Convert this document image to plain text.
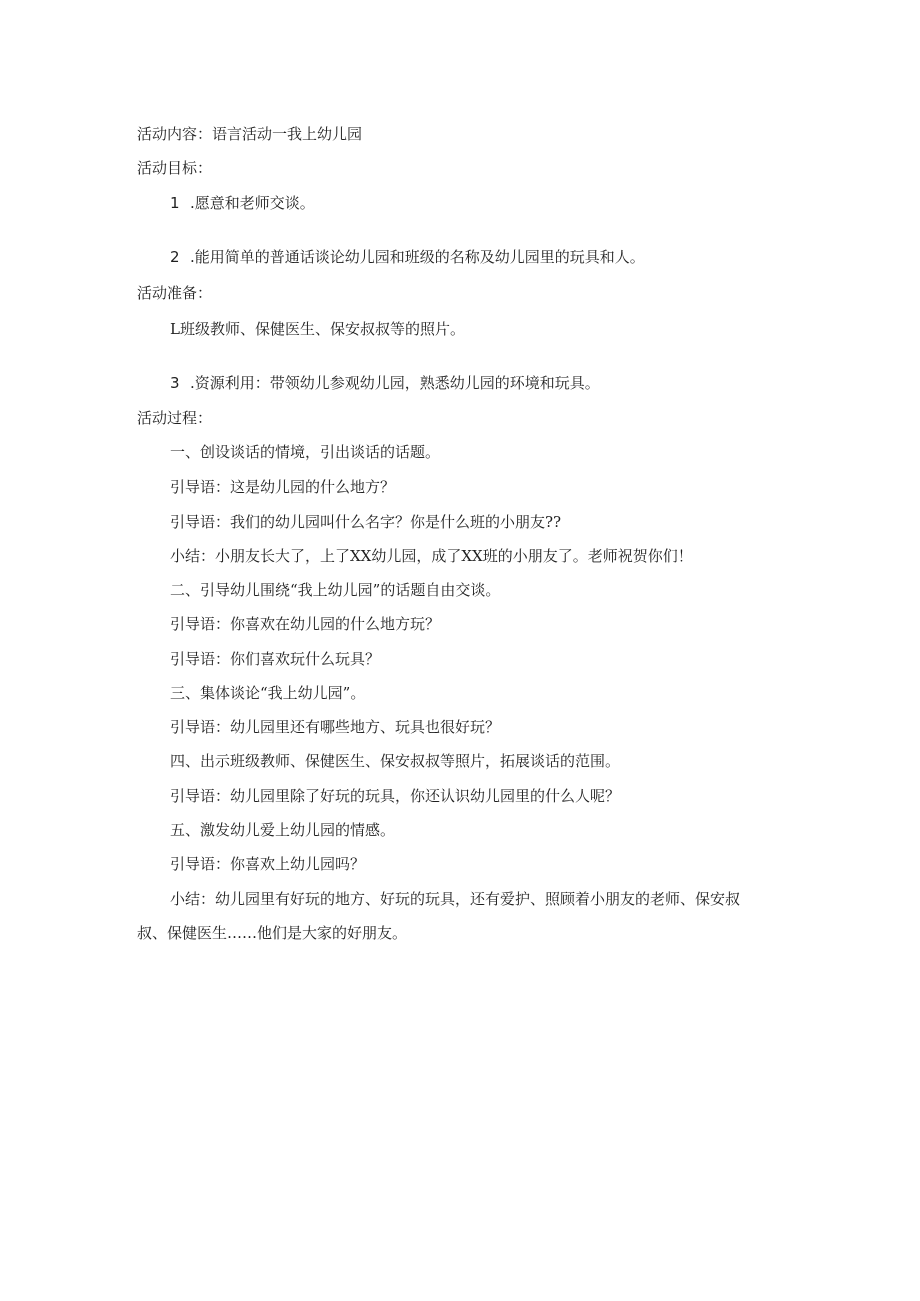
活动内容：语言活动一我上幼儿园
活动目标：
1 .愿意和老师交谈。
2 .能用简单的普通话谈论幼儿园和班级的名称及幼儿园里的玩具和人。
活动准备：
L班级教师、保健医生、保安叔叔等的照片。
3 .资源利用：带领幼儿参观幼儿园，熟悉幼儿园的环境和玩具。
活动过程：
一、创设谈话的情境，引出谈话的话题。
引导语：这是幼儿园的什么地方？
引导语：我们的幼儿园叫什么名字？你是什么班的小朋友??
小结：小朋友长大了，上了XX幼儿园，成了XX班的小朋友了。老师祝贺你们！
二、引导幼儿围绕“我上幼儿园”的话题自由交谈。
引导语：你喜欢在幼儿园的什么地方玩？
引导语：你们喜欢玩什么玩具？
三、集体谈论“我上幼儿园”。
引导语：幼儿园里还有哪些地方、玩具也很好玩？
四、出示班级教师、保健医生、保安叔叔等照片，拓展谈话的范围。
引导语：幼儿园里除了好玩的玩具，你还认识幼儿园里的什么人呢？
五、激发幼儿爱上幼儿园的情感。
引导语：你喜欢上幼儿园吗？
小结：幼儿园里有好玩的地方、好玩的玩具，还有爱护、照顾着小朋友的老师、保安叔叔、保健医生……他们是大家的好朋友。
